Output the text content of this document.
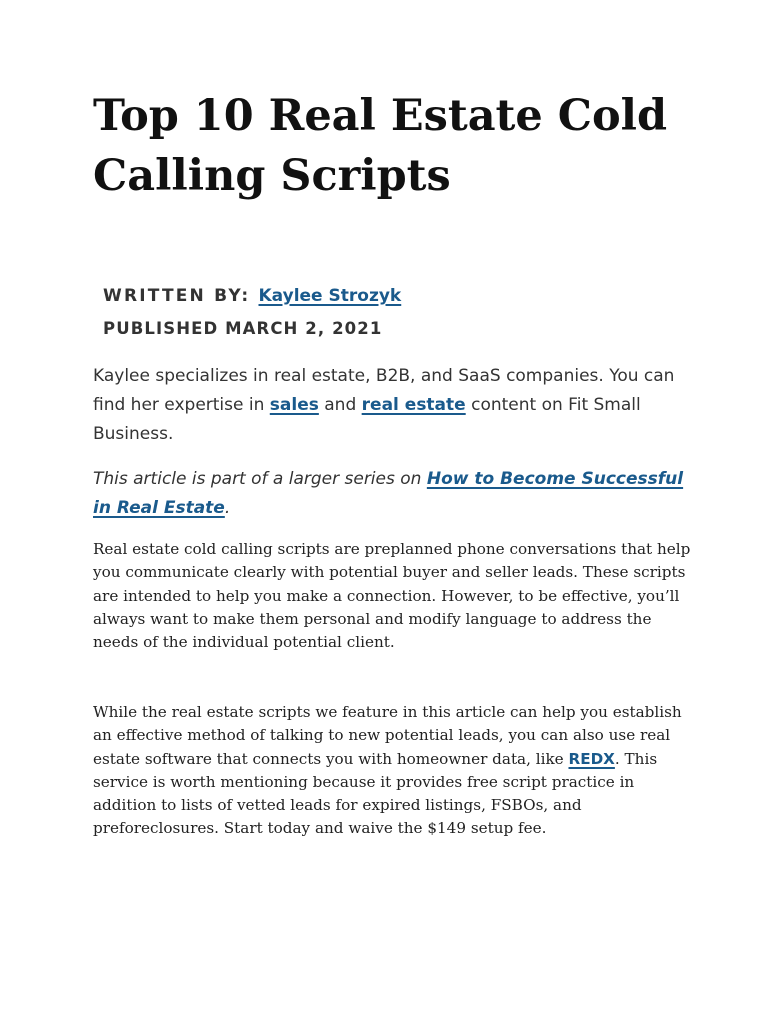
Top 10 Real Estate Cold Calling Scripts

WRITTEN BY: Kaylee Strozyk

PUBLISHED MARCH 2, 2021

Kaylee specializes in real estate, B2B, and SaaS companies. You can find her expertise in sales and real estate content on Fit Small Business.

This article is part of a larger series on How to Become Successful in Real Estate.

Real estate cold calling scripts are preplanned phone conversations that help you communicate clearly with potential buyer and seller leads. These scripts are intended to help you make a connection. However, to be effective, you’ll always want to make them personal and modify language to address the needs of the individual potential client.

While the real estate scripts we feature in this article can help you establish an effective method of talking to new potential leads, you can also use real estate software that connects you with homeowner data, like REDX. This service is worth mentioning because it provides free script practice in addition to lists of vetted leads for expired listings, FSBOs, and preforeclosures. Start today and waive the $149 setup fee.
